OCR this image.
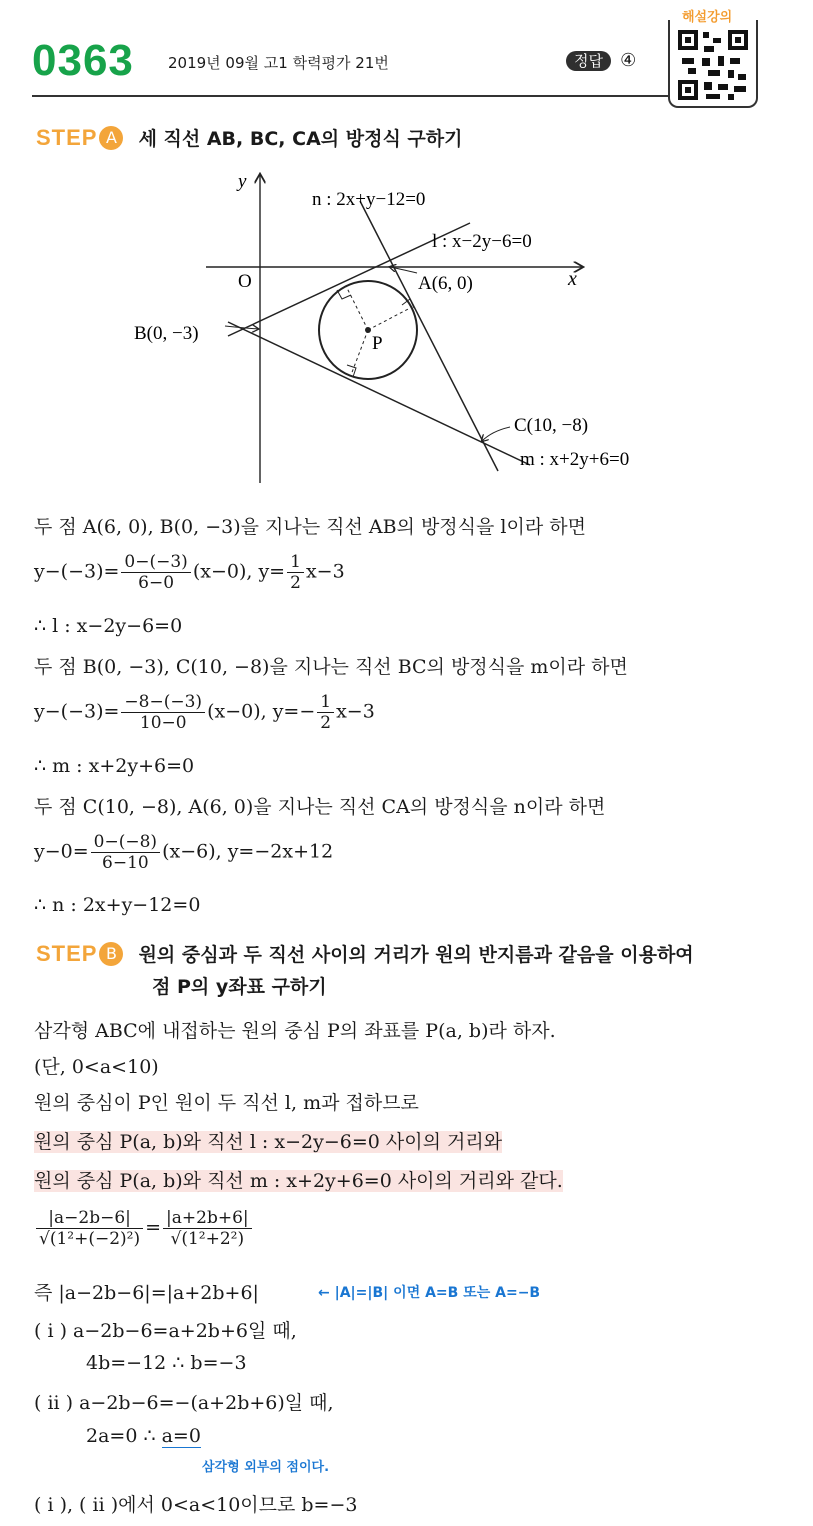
0363 2019년 09월 고1 학력평가 21번	정답 ④
해설강의
STEP A 세 직선 AB, BC, CA의 방정식 구하기
y
x
O
n : 2x+y−12=0
l : x−2y−6=0
m : x+2y+6=0
A(6, 0)
B(0, −3)
C(10, −8)
P
두 점 A(6, 0), B(0, −3)을 지나는 직선 AB의 방정식을 l이라 하면
$y-(-3)= \frac{0-(-3)}{6-0} (x-0)$, $y= \frac{1}{2} x-3$
∴ l : x−2y−6=0
두 점 B(0, −3), C(10, −8)을 지나는 직선 BC의 방정식을 m이라 하면
$y-(-3)= \frac{-8-(-3)}{10-0} (x-0)$, $y=- \frac{1}{2} x-3$
∴ m : x+2y+6=0
두 점 C(10, −8), A(6, 0)을 지나는 직선 CA의 방정식을 n이라 하면
$y-0= \frac{0-(-8)}{6-10} (x-6)$, y=−2x+12
∴ n : 2x+y−12=0
STEP B 원의 중심과 두 직선 사이의 거리가 원의 반지름과 같음을 이용하여
점 P의 y좌표 구하기
삼각형 ABC에 내접하는 원의 중심 P의 좌표를 P(a, b)라 하자.
(단, 0<a<10)
원의 중심이 P인 원이 두 직선 l, m과 접하므로
원의 중심 P(a, b)와 직선 l : x−2y−6=0 사이의 거리와
원의 중심 P(a, b)와 직선 m : x+2y+6=0 사이의 거리와 같다.
$\frac{|a-2b-6|}{\text{√(1²+(−2)²)}} = \frac{|a+2b+6|}{\text{√(1²+2²)}}$
즉 |a−2b−6|=|a+2b+6|	← |A|=|B| 이면 A=B 또는 A=−B
( i ) a−2b−6=a+2b+6일 때,
4b=−12 ∴ b=−3
( ii ) a−2b−6=−(a+2b+6)일 때,
2a=0 ∴ a=0
삼각형 외부의 점이다.
( i ), ( ii )에서 0<a<10이므로 b=−3
